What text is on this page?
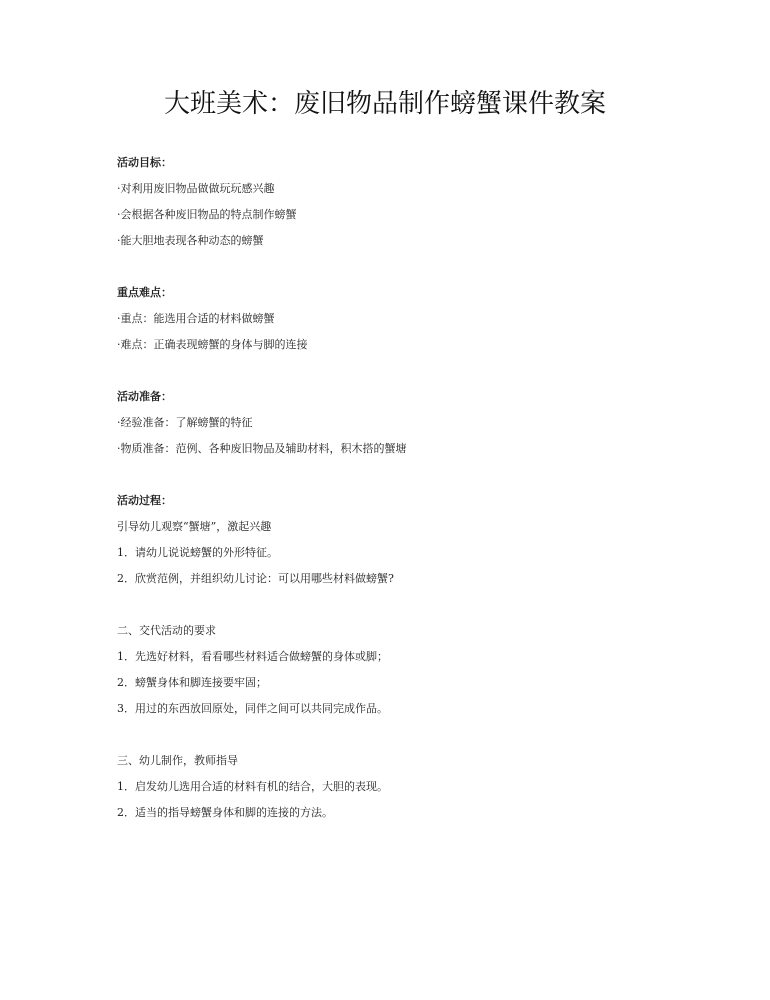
大班美术：废旧物品制作螃蟹课件教案
活动目标：
·对利用废旧物品做做玩玩感兴趣
·会根据各种废旧物品的特点制作螃蟹
·能大胆地表现各种动态的螃蟹
重点难点：
·重点：能选用合适的材料做螃蟹
·难点：正确表现螃蟹的身体与脚的连接
活动准备：
·经验准备：了解螃蟹的特征
·物质准备：范例、各种废旧物品及辅助材料，积木搭的蟹塘
活动过程：
引导幼儿观察“蟹塘”，激起兴趣
1．请幼儿说说螃蟹的外形特征。
2．欣赏范例，并组织幼儿讨论：可以用哪些材料做螃蟹?
二、交代活动的要求
1．先选好材料，看看哪些材料适合做螃蟹的身体或脚；
2．螃蟹身体和脚连接要牢固；
3．用过的东西放回原处，同伴之间可以共同完成作品。
三、幼儿制作，教师指导
1．启发幼儿选用合适的材料有机的结合，大胆的表现。
2．适当的指导螃蟹身体和脚的连接的方法。
